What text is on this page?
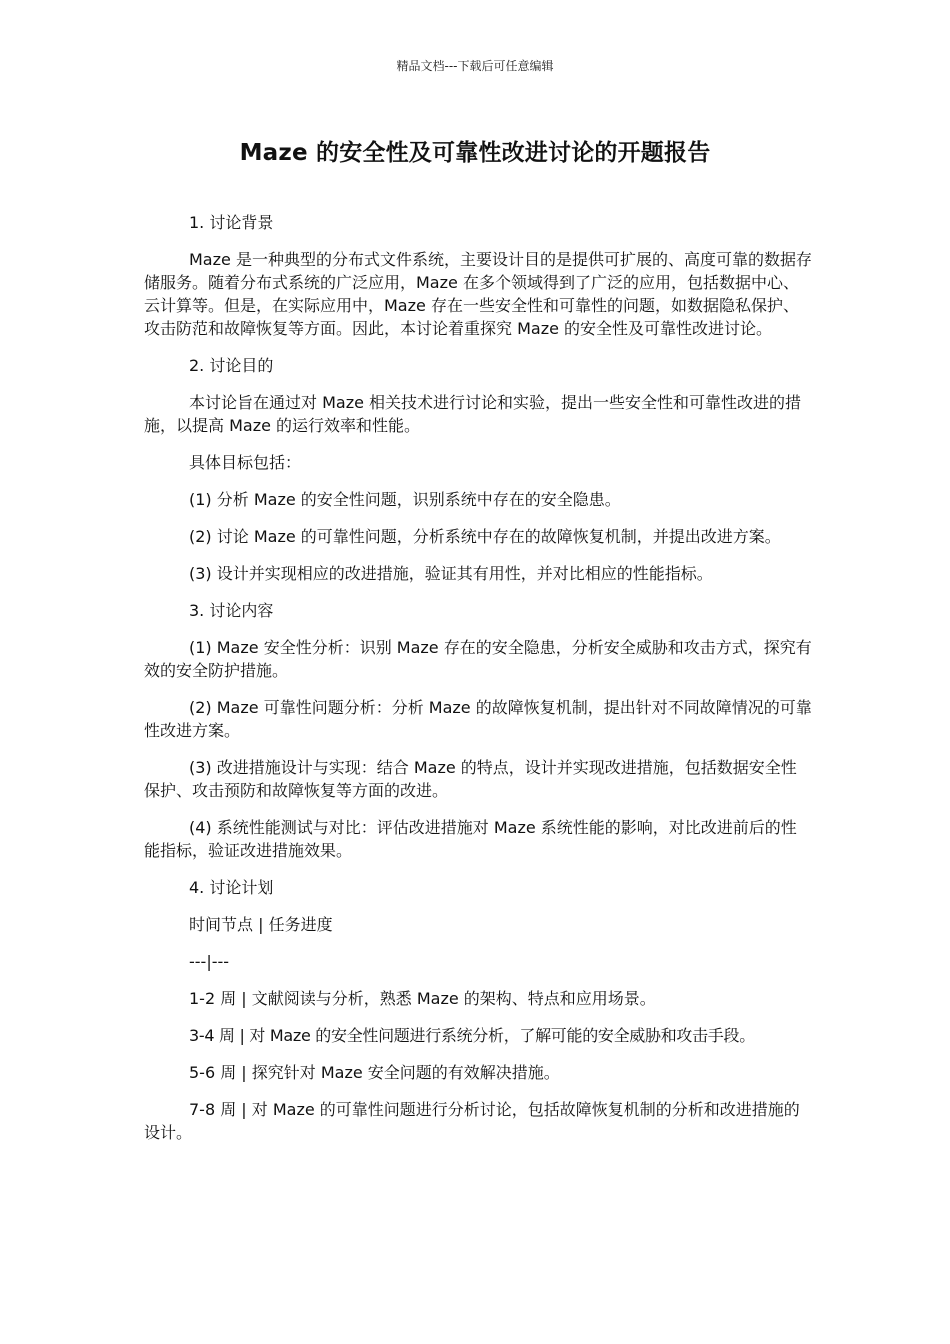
精品文档---下载后可任意编辑
Maze 的安全性及可靠性改进讨论的开题报告

1. 讨论背景

Maze 是一种典型的分布式文件系统，主要设计目的是提供可扩展的、高度可靠的数据存储服务。随着分布式系统的广泛应用，Maze 在多个领域得到了广泛的应用，包括数据中心、云计算等。但是，在实际应用中，Maze 存在一些安全性和可靠性的问题，如数据隐私保护、攻击防范和故障恢复等方面。因此，本讨论着重探究 Maze 的安全性及可靠性改进讨论。

2. 讨论目的

本讨论旨在通过对 Maze 相关技术进行讨论和实验，提出一些安全性和可靠性改进的措施，以提高 Maze 的运行效率和性能。

具体目标包括：

(1) 分析 Maze 的安全性问题，识别系统中存在的安全隐患。

(2) 讨论 Maze 的可靠性问题，分析系统中存在的故障恢复机制，并提出改进方案。

(3) 设计并实现相应的改进措施，验证其有用性，并对比相应的性能指标。

3. 讨论内容

(1) Maze 安全性分析：识别 Maze 存在的安全隐患，分析安全威胁和攻击方式，探究有效的安全防护措施。

(2) Maze 可靠性问题分析：分析 Maze 的故障恢复机制，提出针对不同故障情况的可靠性改进方案。

(3) 改进措施设计与实现：结合 Maze 的特点，设计并实现改进措施，包括数据安全性保护、攻击预防和故障恢复等方面的改进。

(4) 系统性能测试与对比：评估改进措施对 Maze 系统性能的影响，对比改进前后的性能指标，验证改进措施效果。

4. 讨论计划

时间节点 | 任务进度

---|---

1-2 周 | 文献阅读与分析，熟悉 Maze 的架构、特点和应用场景。

3-4 周 | 对 Maze 的安全性问题进行系统分析，了解可能的安全威胁和攻击手段。

5-6 周 | 探究针对 Maze 安全问题的有效解决措施。

7-8 周 | 对 Maze 的可靠性问题进行分析讨论，包括故障恢复机制的分析和改进措施的设计。
